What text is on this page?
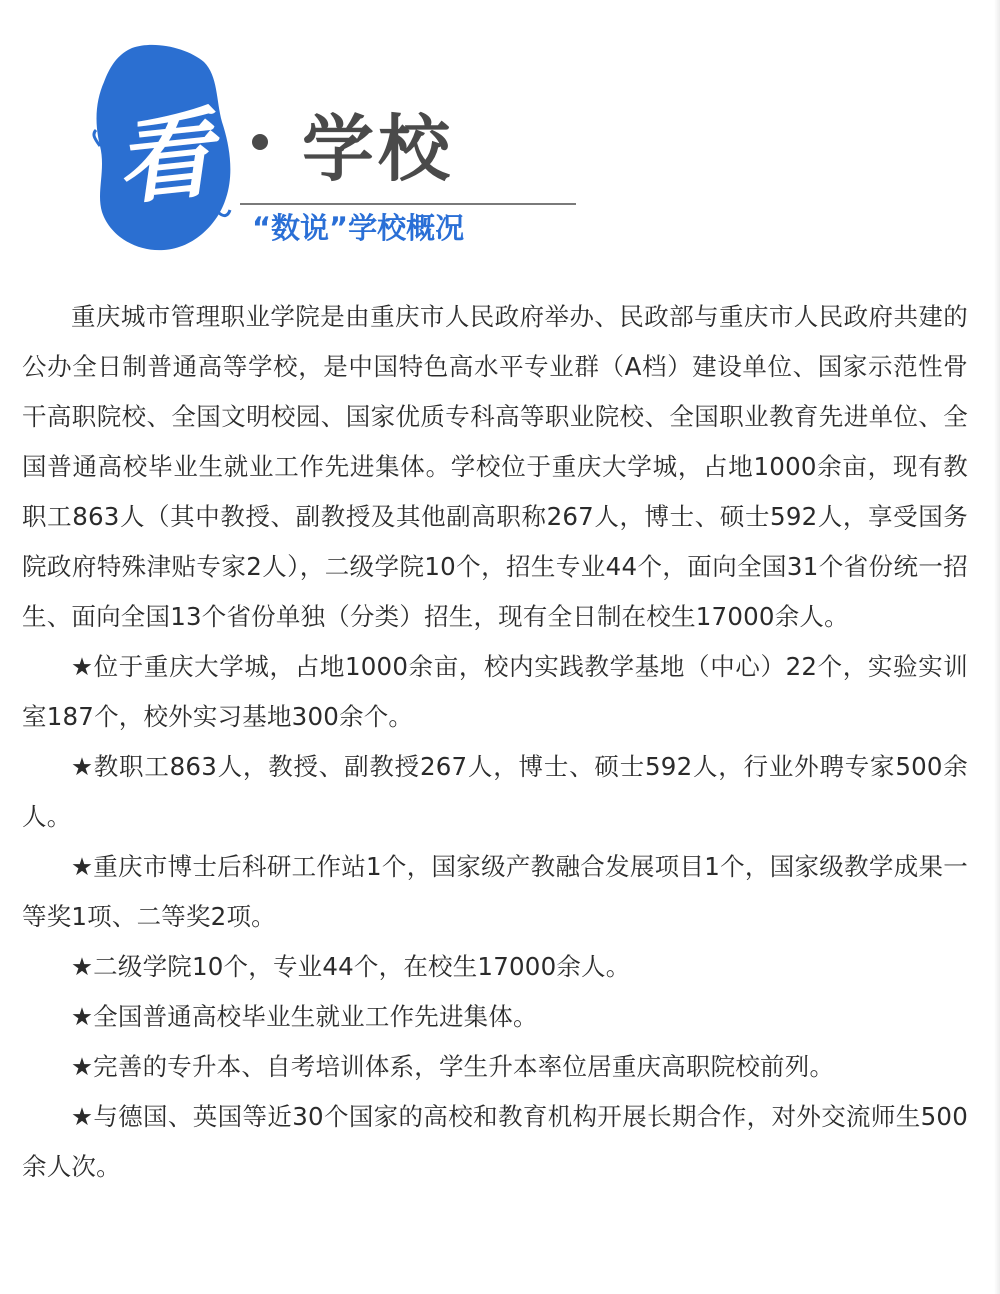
看	学校
“数说”学校概况

重庆城市管理职业学院是由重庆市人民政府举办、民政部与重庆市人民政府共建的公办全日制普通高等学校，是中国特色高水平专业群（A档）建设单位、国家示范性骨干高职院校、全国文明校园、国家优质专科高等职业院校、全国职业教育先进单位、全国普通高校毕业生就业工作先进集体。学校位于重庆大学城，占地1000余亩，现有教职工863人（其中教授、副教授及其他副高职称267人，博士、硕士592人，享受国务院政府特殊津贴专家2人），二级学院10个，招生专业44个，面向全国31个省份统一招生、面向全国13个省份单独（分类）招生，现有全日制在校生17000余人。

★位于重庆大学城，占地1000余亩，校内实践教学基地（中心）22个，实验实训室187个，校外实习基地300余个。

★教职工863人，教授、副教授267人，博士、硕士592人，行业外聘专家500余人。

★重庆市博士后科研工作站1个，国家级产教融合发展项目1个，国家级教学成果一等奖1项、二等奖2项。

★二级学院10个，专业44个，在校生17000余人。

★全国普通高校毕业生就业工作先进集体。

★完善的专升本、自考培训体系，学生升本率位居重庆高职院校前列。

★与德国、英国等近30个国家的高校和教育机构开展长期合作，对外交流师生500余人次。
